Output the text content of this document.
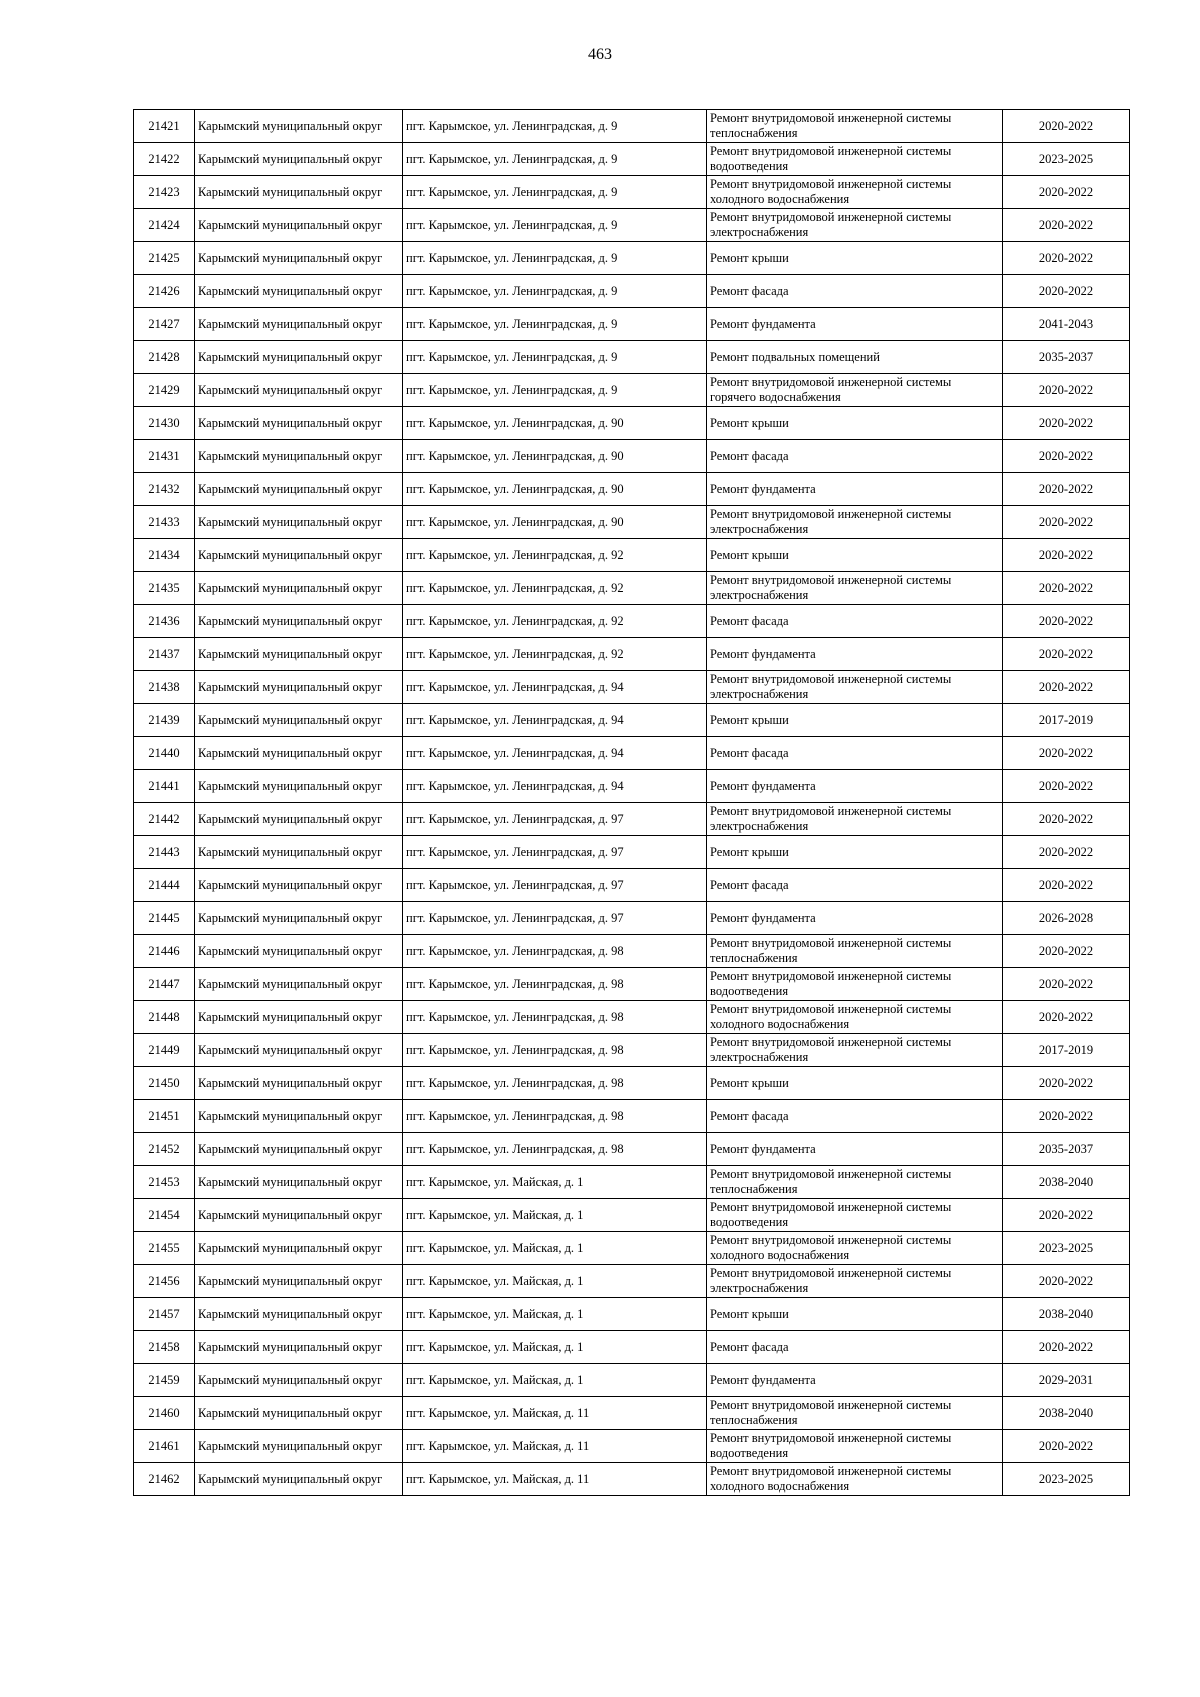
463
21421	Карымский муниципальный округ	пгт. Карымское, ул. Ленинградская, д. 9	Ремонт внутридомовой инженерной системы
теплоснабжения	2020-2022
21422	Карымский муниципальный округ	пгт. Карымское, ул. Ленинградская, д. 9	Ремонт внутридомовой инженерной системы
водоотведения	2023-2025
21423	Карымский муниципальный округ	пгт. Карымское, ул. Ленинградская, д. 9	Ремонт внутридомовой инженерной системы
холодного водоснабжения	2020-2022
21424	Карымский муниципальный округ	пгт. Карымское, ул. Ленинградская, д. 9	Ремонт внутридомовой инженерной системы
электроснабжения	2020-2022
21425	Карымский муниципальный округ	пгт. Карымское, ул. Ленинградская, д. 9	Ремонт крыши	2020-2022
21426	Карымский муниципальный округ	пгт. Карымское, ул. Ленинградская, д. 9	Ремонт фасада	2020-2022
21427	Карымский муниципальный округ	пгт. Карымское, ул. Ленинградская, д. 9	Ремонт фундамента	2041-2043
21428	Карымский муниципальный округ	пгт. Карымское, ул. Ленинградская, д. 9	Ремонт подвальных помещений	2035-2037
21429	Карымский муниципальный округ	пгт. Карымское, ул. Ленинградская, д. 9	Ремонт внутридомовой инженерной системы
горячего водоснабжения	2020-2022
21430	Карымский муниципальный округ	пгт. Карымское, ул. Ленинградская, д. 90	Ремонт крыши	2020-2022
21431	Карымский муниципальный округ	пгт. Карымское, ул. Ленинградская, д. 90	Ремонт фасада	2020-2022
21432	Карымский муниципальный округ	пгт. Карымское, ул. Ленинградская, д. 90	Ремонт фундамента	2020-2022
21433	Карымский муниципальный округ	пгт. Карымское, ул. Ленинградская, д. 90	Ремонт внутридомовой инженерной системы
электроснабжения	2020-2022
21434	Карымский муниципальный округ	пгт. Карымское, ул. Ленинградская, д. 92	Ремонт крыши	2020-2022
21435	Карымский муниципальный округ	пгт. Карымское, ул. Ленинградская, д. 92	Ремонт внутридомовой инженерной системы
электроснабжения	2020-2022
21436	Карымский муниципальный округ	пгт. Карымское, ул. Ленинградская, д. 92	Ремонт фасада	2020-2022
21437	Карымский муниципальный округ	пгт. Карымское, ул. Ленинградская, д. 92	Ремонт фундамента	2020-2022
21438	Карымский муниципальный округ	пгт. Карымское, ул. Ленинградская, д. 94	Ремонт внутридомовой инженерной системы
электроснабжения	2020-2022
21439	Карымский муниципальный округ	пгт. Карымское, ул. Ленинградская, д. 94	Ремонт крыши	2017-2019
21440	Карымский муниципальный округ	пгт. Карымское, ул. Ленинградская, д. 94	Ремонт фасада	2020-2022
21441	Карымский муниципальный округ	пгт. Карымское, ул. Ленинградская, д. 94	Ремонт фундамента	2020-2022
21442	Карымский муниципальный округ	пгт. Карымское, ул. Ленинградская, д. 97	Ремонт внутридомовой инженерной системы
электроснабжения	2020-2022
21443	Карымский муниципальный округ	пгт. Карымское, ул. Ленинградская, д. 97	Ремонт крыши	2020-2022
21444	Карымский муниципальный округ	пгт. Карымское, ул. Ленинградская, д. 97	Ремонт фасада	2020-2022
21445	Карымский муниципальный округ	пгт. Карымское, ул. Ленинградская, д. 97	Ремонт фундамента	2026-2028
21446	Карымский муниципальный округ	пгт. Карымское, ул. Ленинградская, д. 98	Ремонт внутридомовой инженерной системы
теплоснабжения	2020-2022
21447	Карымский муниципальный округ	пгт. Карымское, ул. Ленинградская, д. 98	Ремонт внутридомовой инженерной системы
водоотведения	2020-2022
21448	Карымский муниципальный округ	пгт. Карымское, ул. Ленинградская, д. 98	Ремонт внутридомовой инженерной системы
холодного водоснабжения	2020-2022
21449	Карымский муниципальный округ	пгт. Карымское, ул. Ленинградская, д. 98	Ремонт внутридомовой инженерной системы
электроснабжения	2017-2019
21450	Карымский муниципальный округ	пгт. Карымское, ул. Ленинградская, д. 98	Ремонт крыши	2020-2022
21451	Карымский муниципальный округ	пгт. Карымское, ул. Ленинградская, д. 98	Ремонт фасада	2020-2022
21452	Карымский муниципальный округ	пгт. Карымское, ул. Ленинградская, д. 98	Ремонт фундамента	2035-2037
21453	Карымский муниципальный округ	пгт. Карымское, ул. Майская, д. 1	Ремонт внутридомовой инженерной системы
теплоснабжения	2038-2040
21454	Карымский муниципальный округ	пгт. Карымское, ул. Майская, д. 1	Ремонт внутридомовой инженерной системы
водоотведения	2020-2022
21455	Карымский муниципальный округ	пгт. Карымское, ул. Майская, д. 1	Ремонт внутридомовой инженерной системы
холодного водоснабжения	2023-2025
21456	Карымский муниципальный округ	пгт. Карымское, ул. Майская, д. 1	Ремонт внутридомовой инженерной системы
электроснабжения	2020-2022
21457	Карымский муниципальный округ	пгт. Карымское, ул. Майская, д. 1	Ремонт крыши	2038-2040
21458	Карымский муниципальный округ	пгт. Карымское, ул. Майская, д. 1	Ремонт фасада	2020-2022
21459	Карымский муниципальный округ	пгт. Карымское, ул. Майская, д. 1	Ремонт фундамента	2029-2031
21460	Карымский муниципальный округ	пгт. Карымское, ул. Майская, д. 11	Ремонт внутридомовой инженерной системы
теплоснабжения	2038-2040
21461	Карымский муниципальный округ	пгт. Карымское, ул. Майская, д. 11	Ремонт внутридомовой инженерной системы
водоотведения	2020-2022
21462	Карымский муниципальный округ	пгт. Карымское, ул. Майская, д. 11	Ремонт внутридомовой инженерной системы
холодного водоснабжения	2023-2025
